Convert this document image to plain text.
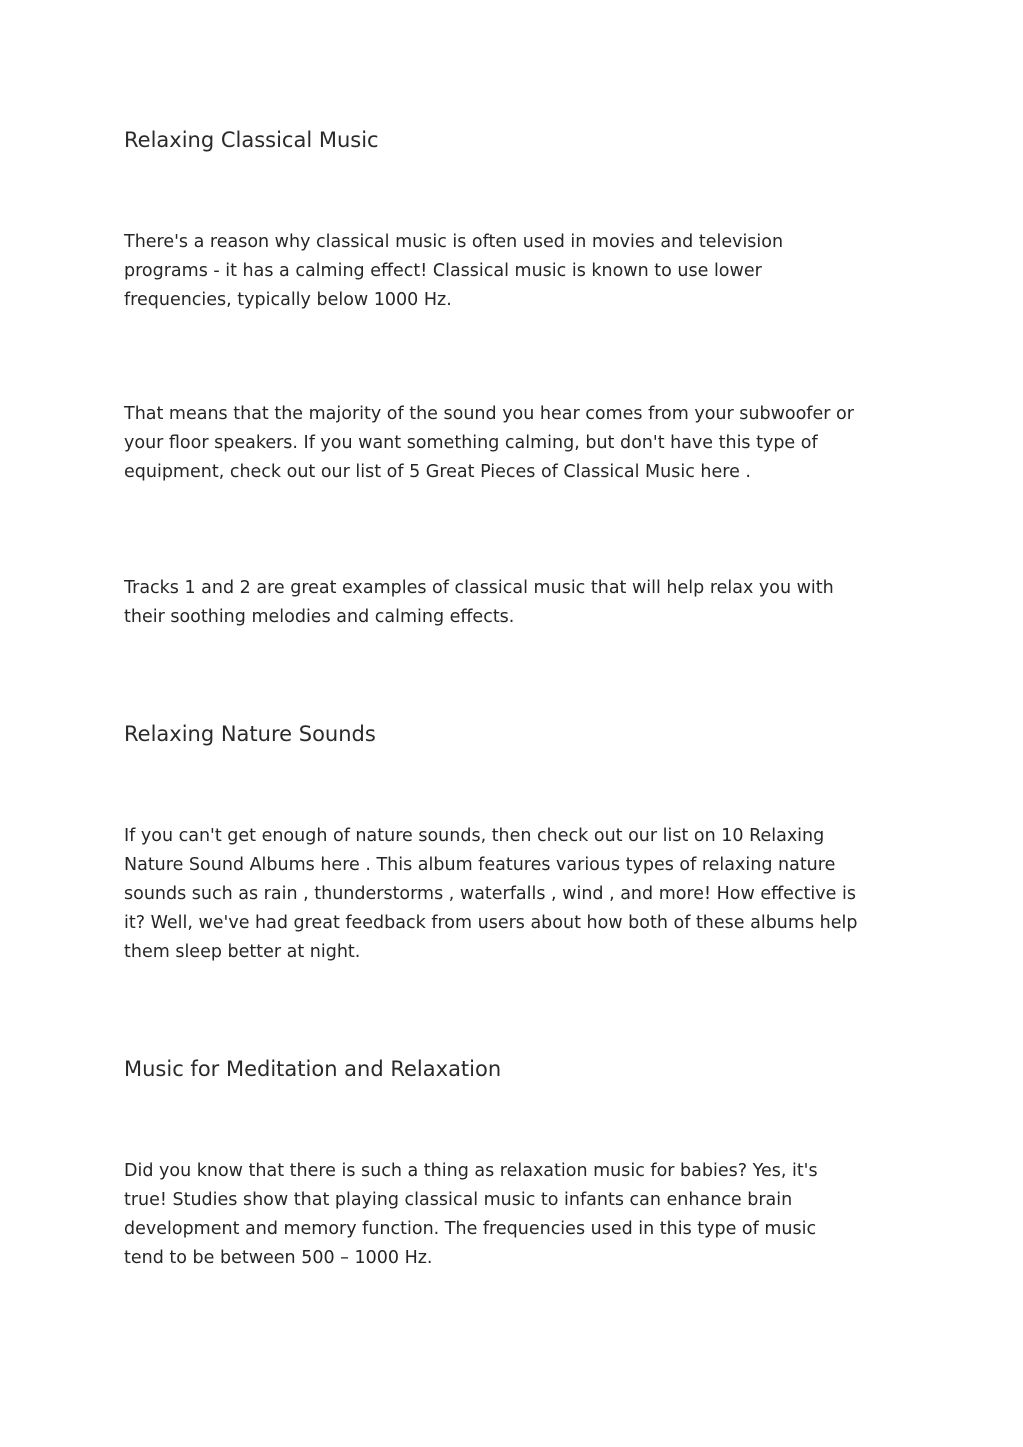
Relaxing Classical Music
There's a reason why classical music is often used in movies and television
programs - it has a calming effect! Classical music is known to use lower
frequencies, typically below 1000 Hz.
That means that the majority of the sound you hear comes from your subwoofer or
your floor speakers. If you want something calming, but don't have this type of
equipment, check out our list of 5 Great Pieces of Classical Music here .
Tracks 1 and 2 are great examples of classical music that will help relax you with
their soothing melodies and calming effects.
Relaxing Nature Sounds
If you can't get enough of nature sounds, then check out our list on 10 Relaxing
Nature Sound Albums here . This album features various types of relaxing nature
sounds such as rain , thunderstorms , waterfalls , wind , and more! How effective is
it? Well, we've had great feedback from users about how both of these albums help
them sleep better at night.
Music for Meditation and Relaxation
Did you know that there is such a thing as relaxation music for babies? Yes, it's
true! Studies show that playing classical music to infants can enhance brain
development and memory function. The frequencies used in this type of music
tend to be between 500 – 1000 Hz.
